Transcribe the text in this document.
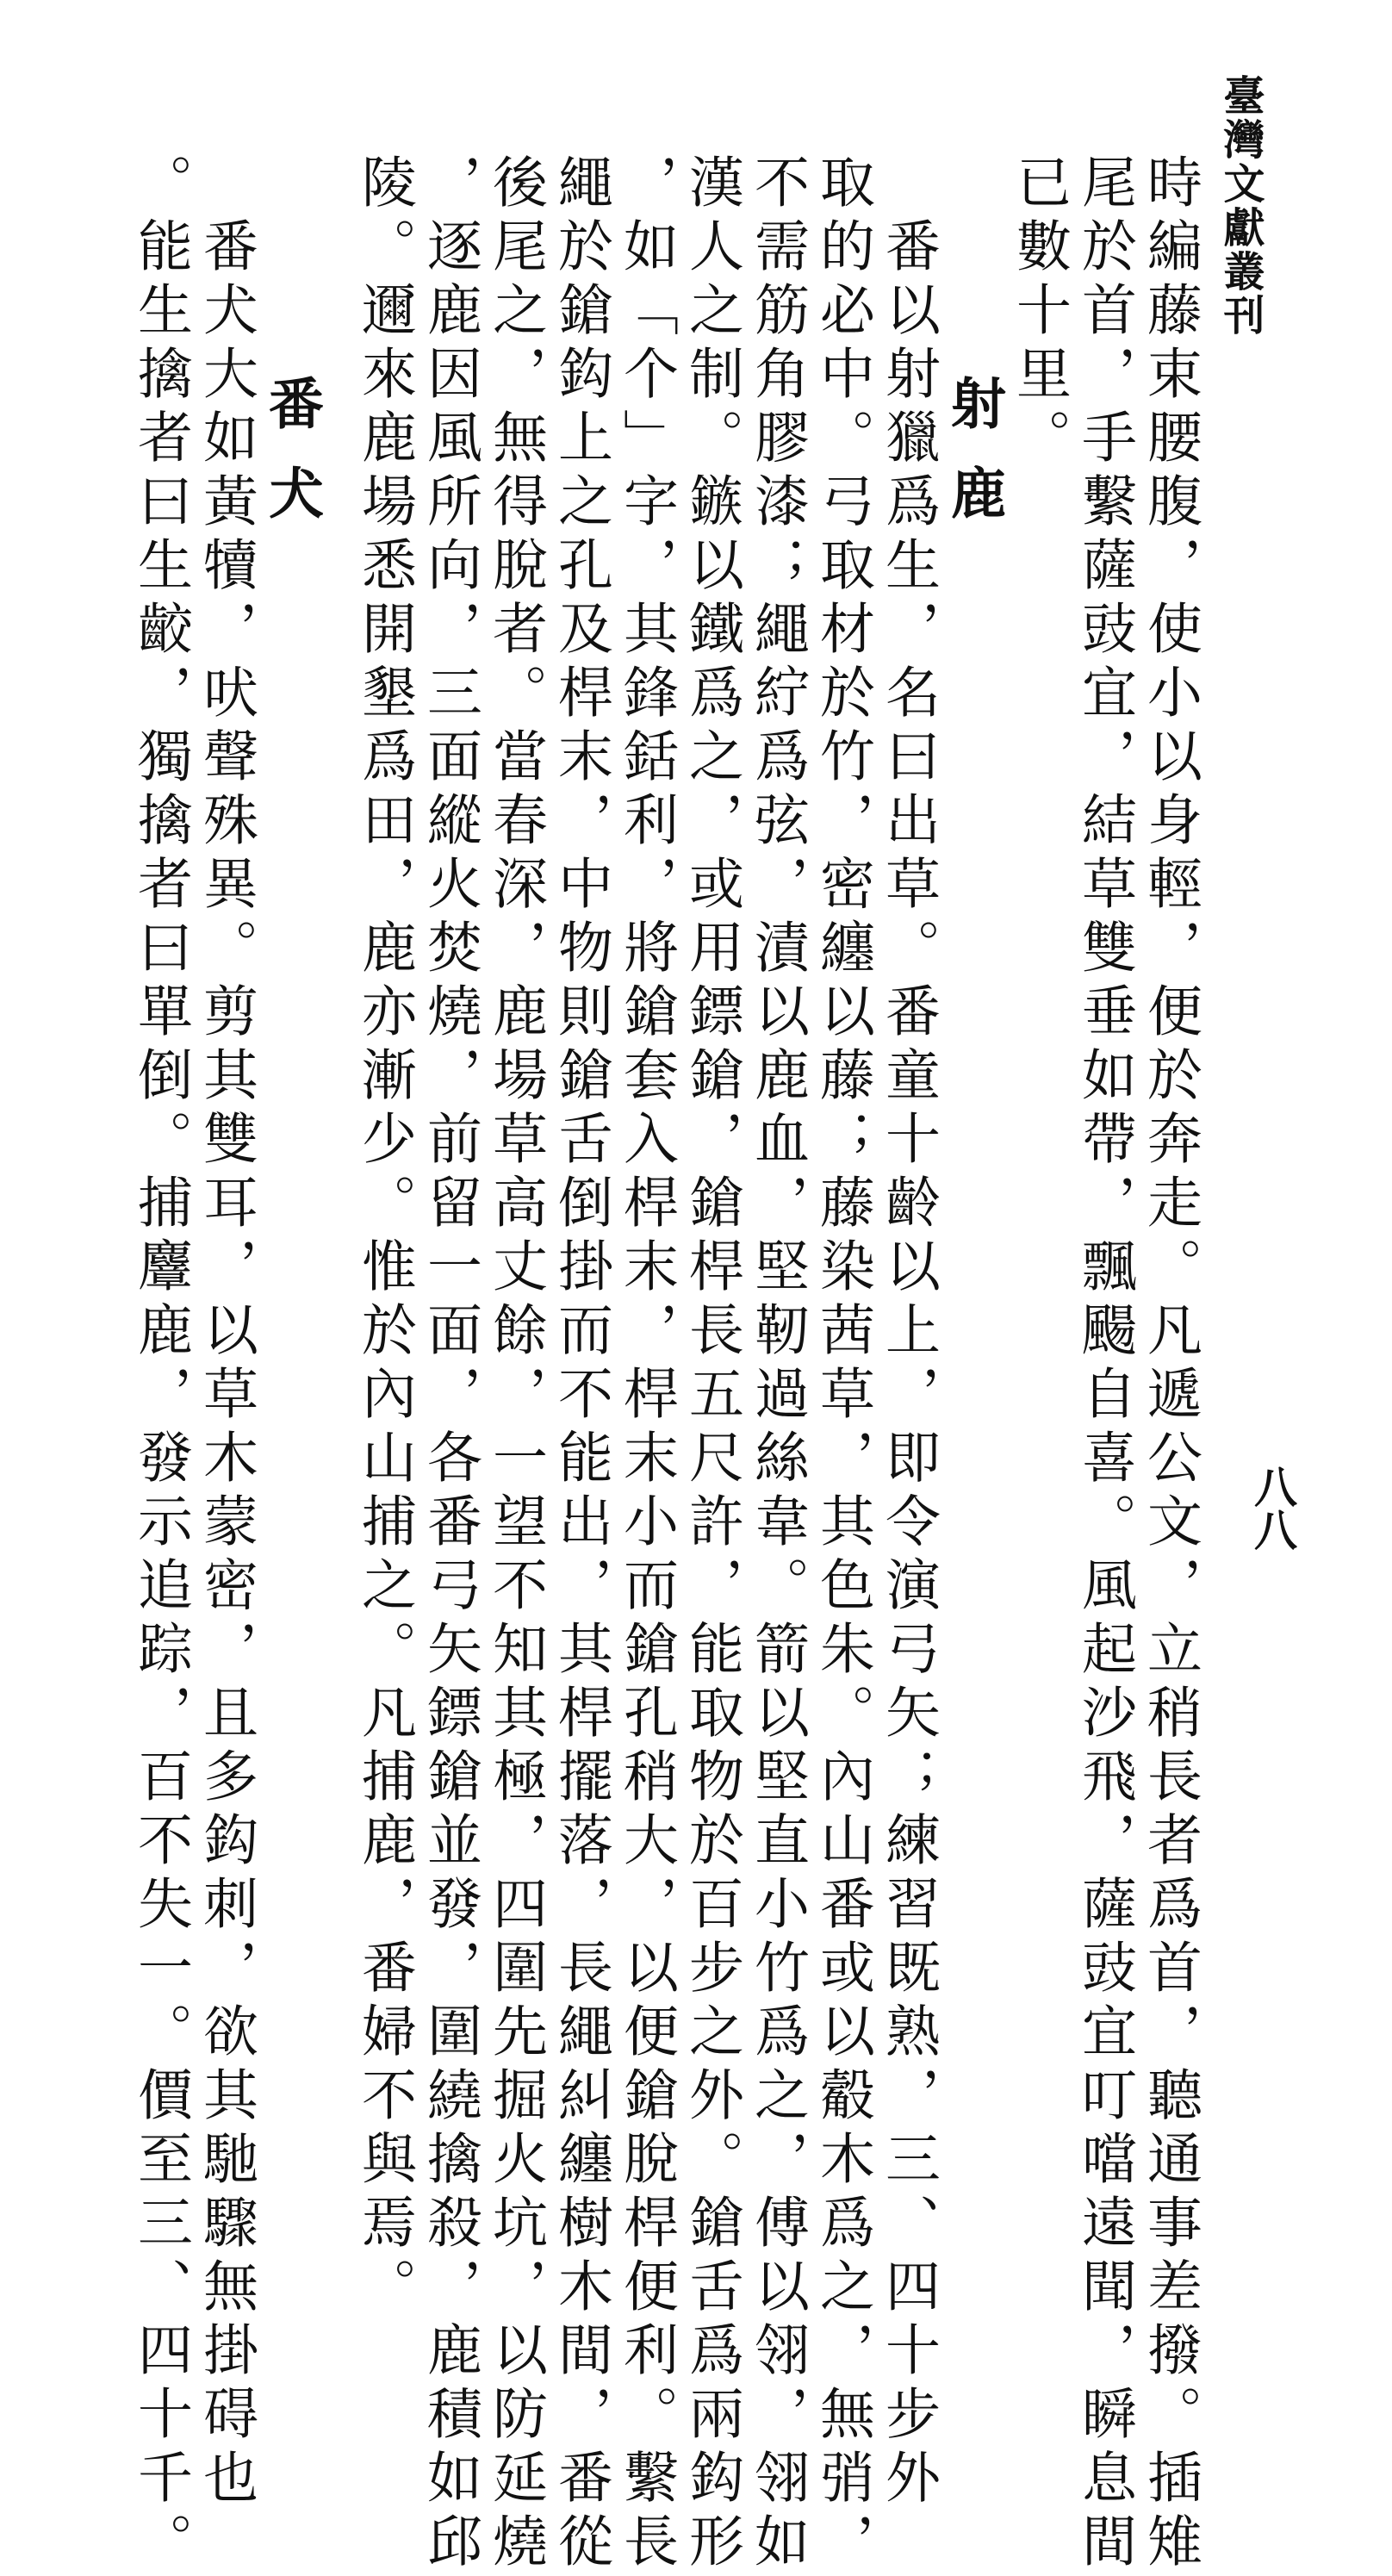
臺灣文獻叢刊
八八
時編藤束腰腹，使小以身輕，便於奔走。凡遞公文，立稍長者爲首，聽通事差撥。插雉
尾於首，手繫薩豉宜，結草雙垂如帶，飄颺自喜。風起沙飛，薩豉宜叮噹遠聞，瞬息間
已數十里。
射鹿
　番以射獵爲生，名曰出草。番童十齡以上，即令演弓矢；練習既熟，三、四十步外
取的必中。弓取材於竹，密纏以藤；藤染茜草，其色朱。內山番或以觳木爲之，無弰，
不需筋角膠漆；繩紵爲弦，漬以鹿血，堅靭過絲韋。箭以堅直小竹爲之，傅以翎，翎如
漢人之制。鏃以鐵爲之，或用鏢鎗，鎗桿長五尺許，能取物於百步之外。鎗舌爲兩鈎形
，如「个」字，其鋒銛利，將鎗套入桿末，桿末小而鎗孔稍大，以便鎗脫桿便利。繫長
繩於鎗鈎上之孔及桿末，中物則鎗舌倒掛而不能出，其桿擺落，長繩糾纏樹木間，番從
後尾之，無得脫者。當春深，鹿場草高丈餘，一望不知其極，四圍先掘火坑，以防延燒
，逐鹿因風所向，三面縱火焚燒，前留一面，各番弓矢鏢鎗並發，圍繞擒殺，鹿積如邱
陵。邇來鹿場悉開墾爲田，鹿亦漸少。惟於內山捕之。凡捕鹿，番婦不與焉。
番犬
　番犬大如黃犢，吠聲殊異。剪其雙耳，以草木蒙密，且多鈎刺，欲其馳驟無掛碍也
。能生擒者曰生齩，獨擒者曰單倒。捕麞鹿，發示追踪，百不失一。價至三、四十千。
